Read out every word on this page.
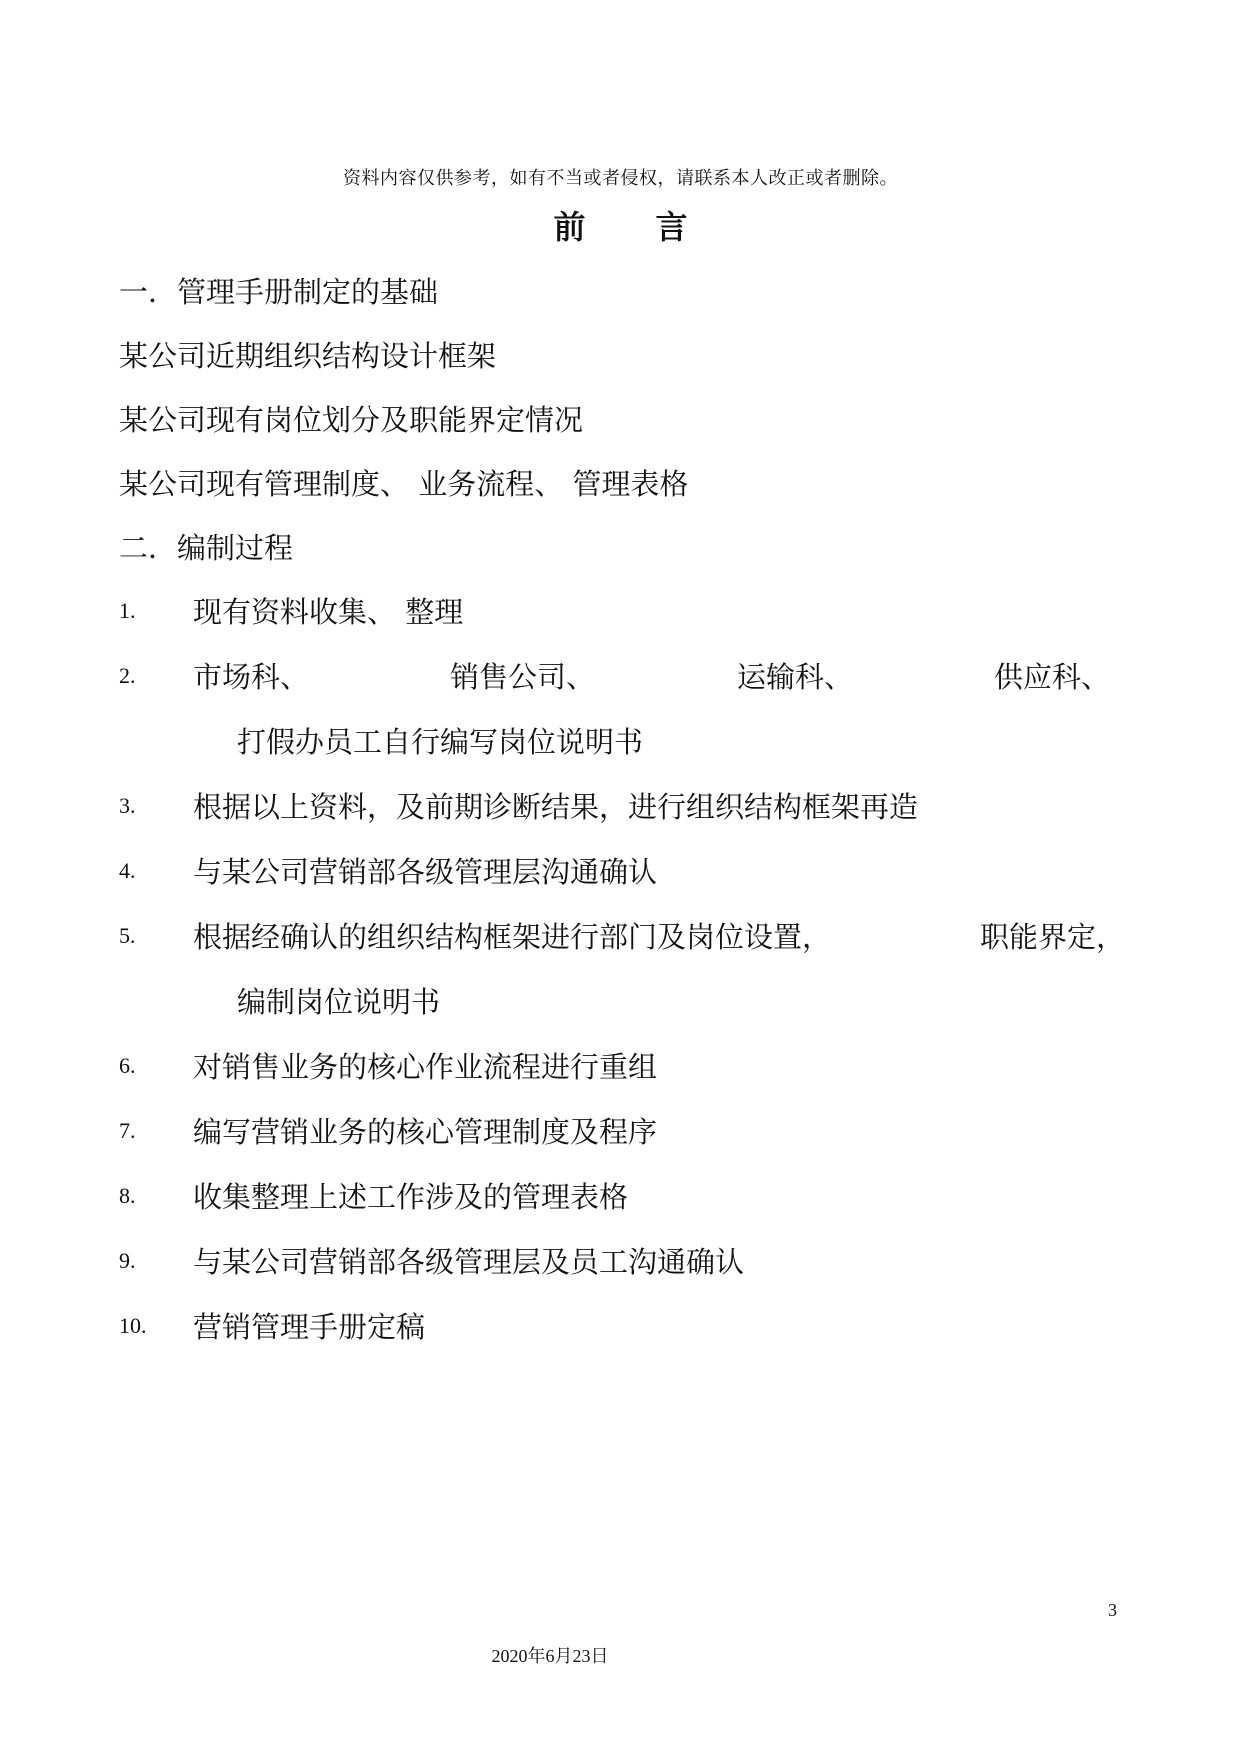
资料内容仅供参考，如有不当或者侵权，请联系本人改正或者删除。
前言
一．管理手册制定的基础
某公司近期组织结构设计框架
某公司现有岗位划分及职能界定情况
某公司现有管理制度、 业务流程、 管理表格
二．编制过程
1. 现有资料收集、 整理
2. 市场科、	销售公司、	运输科、	供应科、
打假办员工自行编写岗位说明书
3. 根据以上资料，及前期诊断结果，进行组织结构框架再造
4. 与某公司营销部各级管理层沟通确认
5. 根据经确认的组织结构框架进行部门及岗位设置，	职能界定，
编制岗位说明书
6. 对销售业务的核心作业流程进行重组
7. 编写营销业务的核心管理制度及程序
8. 收集整理上述工作涉及的管理表格
9. 与某公司营销部各级管理层及员工沟通确认
10. 营销管理手册定稿
3
2020年6月23日
